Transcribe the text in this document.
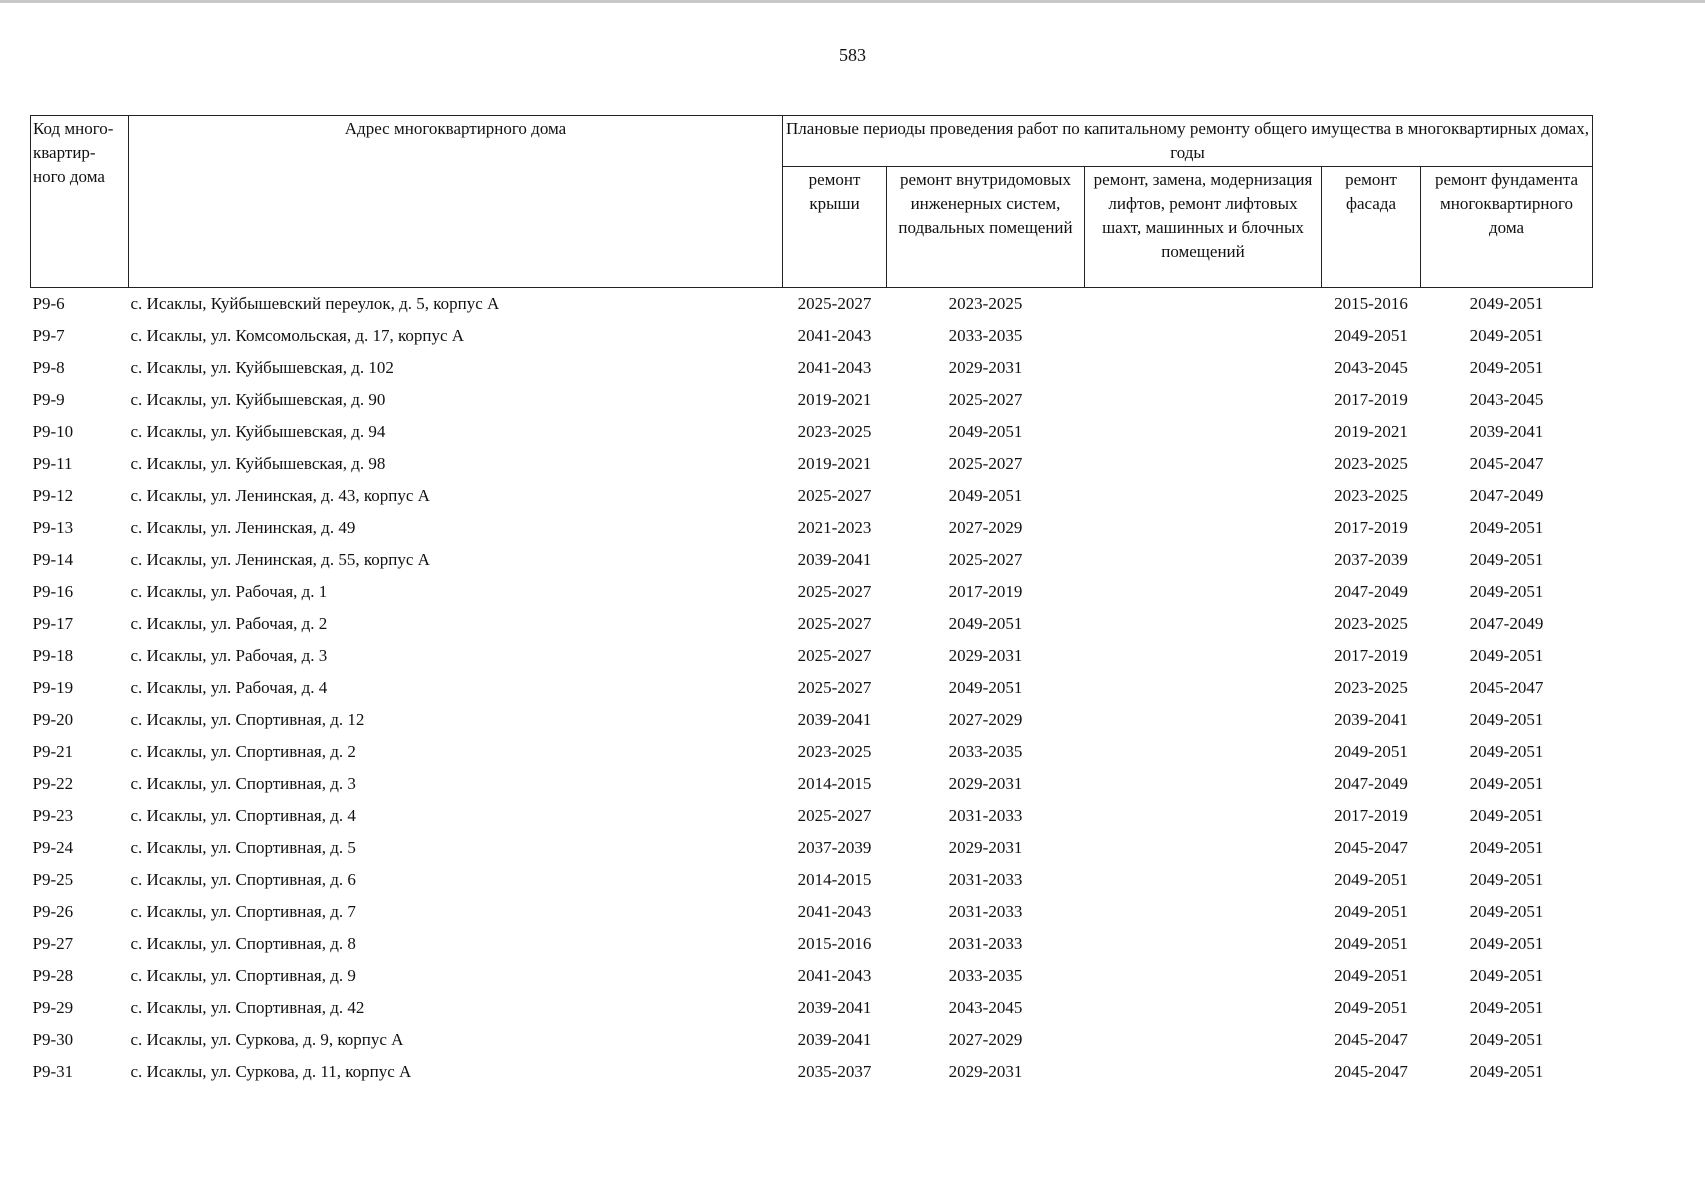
583
Код много-квартир-ного дома	Адрес многоквартирного дома	Плановые периоды проведения работ по капитальному ремонту общего имущества в многоквартирных домах, годы				
		ремонт крыши	ремонт внутридомовых инженерных систем, подвальных помещений	ремонт, замена, модернизация лифтов, ремонт лифтовых шахт, машинных и блочных помещений	ремонт фасада	ремонт фундамента многоквартирного дома
Р9-6	с. Исаклы, Куйбышевский переулок, д. 5, корпус А	2025-2027	2023-2025		2015-2016	2049-2051
Р9-7	с. Исаклы, ул. Комсомольская, д. 17, корпус А	2041-2043	2033-2035		2049-2051	2049-2051
Р9-8	с. Исаклы, ул. Куйбышевская, д. 102	2041-2043	2029-2031		2043-2045	2049-2051
Р9-9	с. Исаклы, ул. Куйбышевская, д. 90	2019-2021	2025-2027		2017-2019	2043-2045
Р9-10	с. Исаклы, ул. Куйбышевская, д. 94	2023-2025	2049-2051		2019-2021	2039-2041
Р9-11	с. Исаклы, ул. Куйбышевская, д. 98	2019-2021	2025-2027		2023-2025	2045-2047
Р9-12	с. Исаклы, ул. Ленинская, д. 43, корпус А	2025-2027	2049-2051		2023-2025	2047-2049
Р9-13	с. Исаклы, ул. Ленинская, д. 49	2021-2023	2027-2029		2017-2019	2049-2051
Р9-14	с. Исаклы, ул. Ленинская, д. 55, корпус А	2039-2041	2025-2027		2037-2039	2049-2051
Р9-16	с. Исаклы, ул. Рабочая, д. 1	2025-2027	2017-2019		2047-2049	2049-2051
Р9-17	с. Исаклы, ул. Рабочая, д. 2	2025-2027	2049-2051		2023-2025	2047-2049
Р9-18	с. Исаклы, ул. Рабочая, д. 3	2025-2027	2029-2031		2017-2019	2049-2051
Р9-19	с. Исаклы, ул. Рабочая, д. 4	2025-2027	2049-2051		2023-2025	2045-2047
Р9-20	с. Исаклы, ул. Спортивная, д. 12	2039-2041	2027-2029		2039-2041	2049-2051
Р9-21	с. Исаклы, ул. Спортивная, д. 2	2023-2025	2033-2035		2049-2051	2049-2051
Р9-22	с. Исаклы, ул. Спортивная, д. 3	2014-2015	2029-2031		2047-2049	2049-2051
Р9-23	с. Исаклы, ул. Спортивная, д. 4	2025-2027	2031-2033		2017-2019	2049-2051
Р9-24	с. Исаклы, ул. Спортивная, д. 5	2037-2039	2029-2031		2045-2047	2049-2051
Р9-25	с. Исаклы, ул. Спортивная, д. 6	2014-2015	2031-2033		2049-2051	2049-2051
Р9-26	с. Исаклы, ул. Спортивная, д. 7	2041-2043	2031-2033		2049-2051	2049-2051
Р9-27	с. Исаклы, ул. Спортивная, д. 8	2015-2016	2031-2033		2049-2051	2049-2051
Р9-28	с. Исаклы, ул. Спортивная, д. 9	2041-2043	2033-2035		2049-2051	2049-2051
Р9-29	с. Исаклы, ул. Спортивная, д. 42	2039-2041	2043-2045		2049-2051	2049-2051
Р9-30	с. Исаклы, ул. Суркова, д. 9, корпус А	2039-2041	2027-2029		2045-2047	2049-2051
Р9-31	с. Исаклы, ул. Суркова, д. 11, корпус А	2035-2037	2029-2031		2045-2047	2049-2051
